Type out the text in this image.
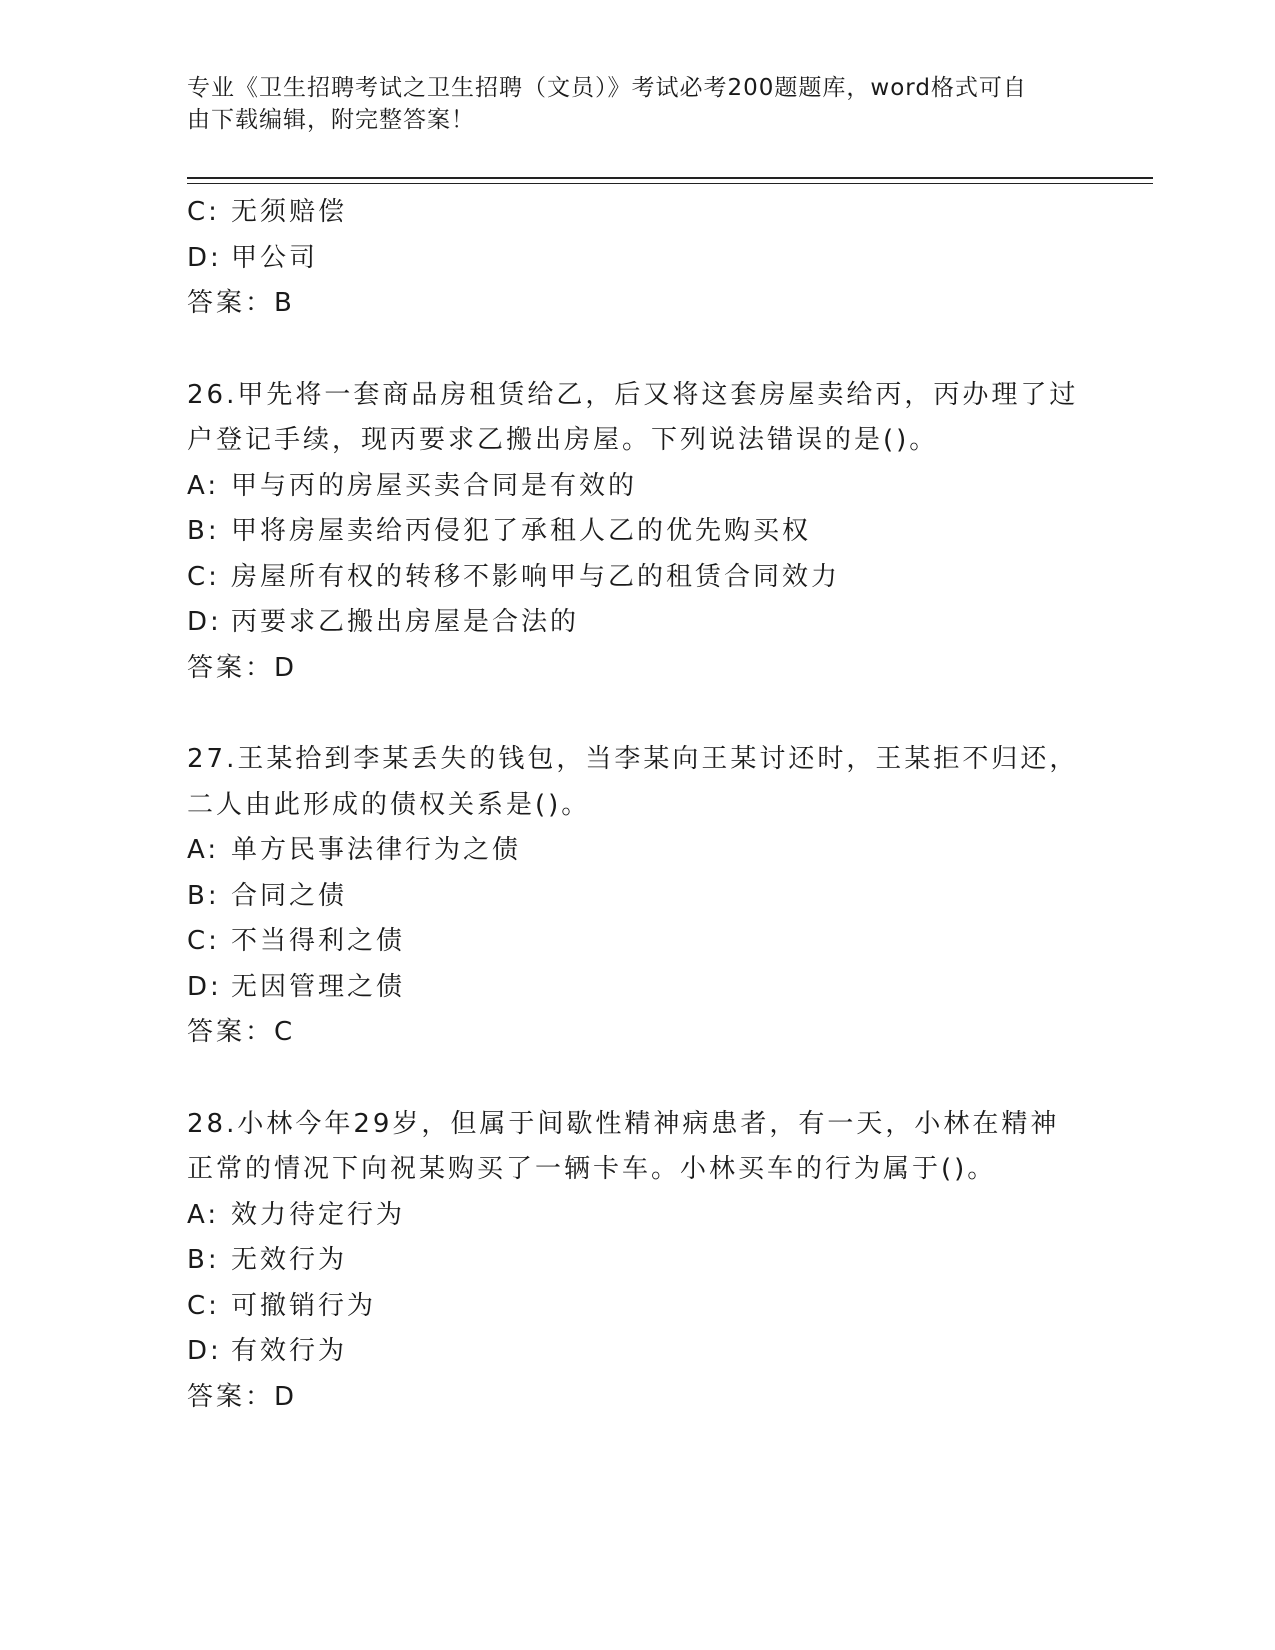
专业《卫生招聘考试之卫生招聘（文员）》考试必考200题题库，word格式可自
由下载编辑，附完整答案！
C: 无须赔偿
D: 甲公司
答案：B
26.甲先将一套商品房租赁给乙，后又将这套房屋卖给丙，丙办理了过
户登记手续，现丙要求乙搬出房屋。下列说法错误的是()。
A: 甲与丙的房屋买卖合同是有效的
B: 甲将房屋卖给丙侵犯了承租人乙的优先购买权
C: 房屋所有权的转移不影响甲与乙的租赁合同效力
D: 丙要求乙搬出房屋是合法的
答案：D
27.王某拾到李某丢失的钱包，当李某向王某讨还时，王某拒不归还，
二人由此形成的债权关系是()。
A: 单方民事法律行为之债
B: 合同之债
C: 不当得利之债
D: 无因管理之债
答案：C
28.小林今年29岁，但属于间歇性精神病患者，有一天，小林在精神
正常的情况下向祝某购买了一辆卡车。小林买车的行为属于()。
A: 效力待定行为
B: 无效行为
C: 可撤销行为
D: 有效行为
答案：D
